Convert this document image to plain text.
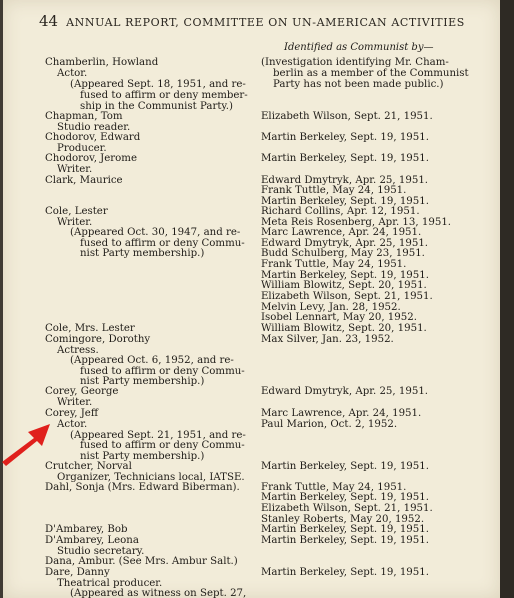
44 ANNUAL REPORT, COMMITTEE ON UN-AMERICAN ACTIVITIES
Identified as Communist by—
Chamberlin, Howland
Actor.
(Appeared Sept. 18, 1951, and re-
fused to affirm or deny member-
ship in the Communist Party.)
Chapman, Tom
Studio reader.
Chodorov, Edward
Producer.
Chodorov, Jerome
Writer.
Clark, Maurice
Cole, Lester
Writer.
(Appeared Oct. 30, 1947, and re-
fused to affirm or deny Commu-
nist Party membership.)
Cole, Mrs. Lester
Comingore, Dorothy
Actress.
(Appeared Oct. 6, 1952, and re-
fused to affirm or deny Commu-
nist Party membership.)
Corey, George
Writer.
Corey, Jeff
Actor.
(Appeared Sept. 21, 1951, and re-
fused to affirm or deny Commu-
nist Party membership.)
Crutcher, Norval
Organizer, Technicians local, IATSE.
Dahl, Sonja (Mrs. Edward Biberman).
D'Ambarey, Bob
D'Ambarey, Leona
Studio secretary.
Dana, Ambur. (See Mrs. Ambur Salt.)
Dare, Danny
Theatrical producer.
(Appeared as witness on Sept. 27,
(Investigation identifying Mr. Cham-
berlin as a member of the Communist
Party has not been made public.)
Elizabeth Wilson, Sept. 21, 1951.
Martin Berkeley, Sept. 19, 1951.
Martin Berkeley, Sept. 19, 1951.
Edward Dmytryk, Apr. 25, 1951.
Frank Tuttle, May 24, 1951.
Martin Berkeley, Sept. 19, 1951.
Richard Collins, Apr. 12, 1951.
Meta Reis Rosenberg, Apr. 13, 1951.
Marc Lawrence, Apr. 24, 1951.
Edward Dmytryk, Apr. 25, 1951.
Budd Schulberg, May 23, 1951.
Frank Tuttle, May 24, 1951.
Martin Berkeley, Sept. 19, 1951.
William Blowitz, Sept. 20, 1951.
Elizabeth Wilson, Sept. 21, 1951.
Melvin Levy, Jan. 28, 1952.
Isobel Lennart, May 20, 1952.
William Blowitz, Sept. 20, 1951.
Max Silver, Jan. 23, 1952.
Edward Dmytryk, Apr. 25, 1951.
Marc Lawrence, Apr. 24, 1951.
Paul Marion, Oct. 2, 1952.
Martin Berkeley, Sept. 19, 1951.
Frank Tuttle, May 24, 1951.
Martin Berkeley, Sept. 19, 1951.
Elizabeth Wilson, Sept. 21, 1951.
Stanley Roberts, May 20, 1952.
Martin Berkeley, Sept. 19, 1951.
Martin Berkeley, Sept. 19, 1951.
Martin Berkeley, Sept. 19, 1951.
